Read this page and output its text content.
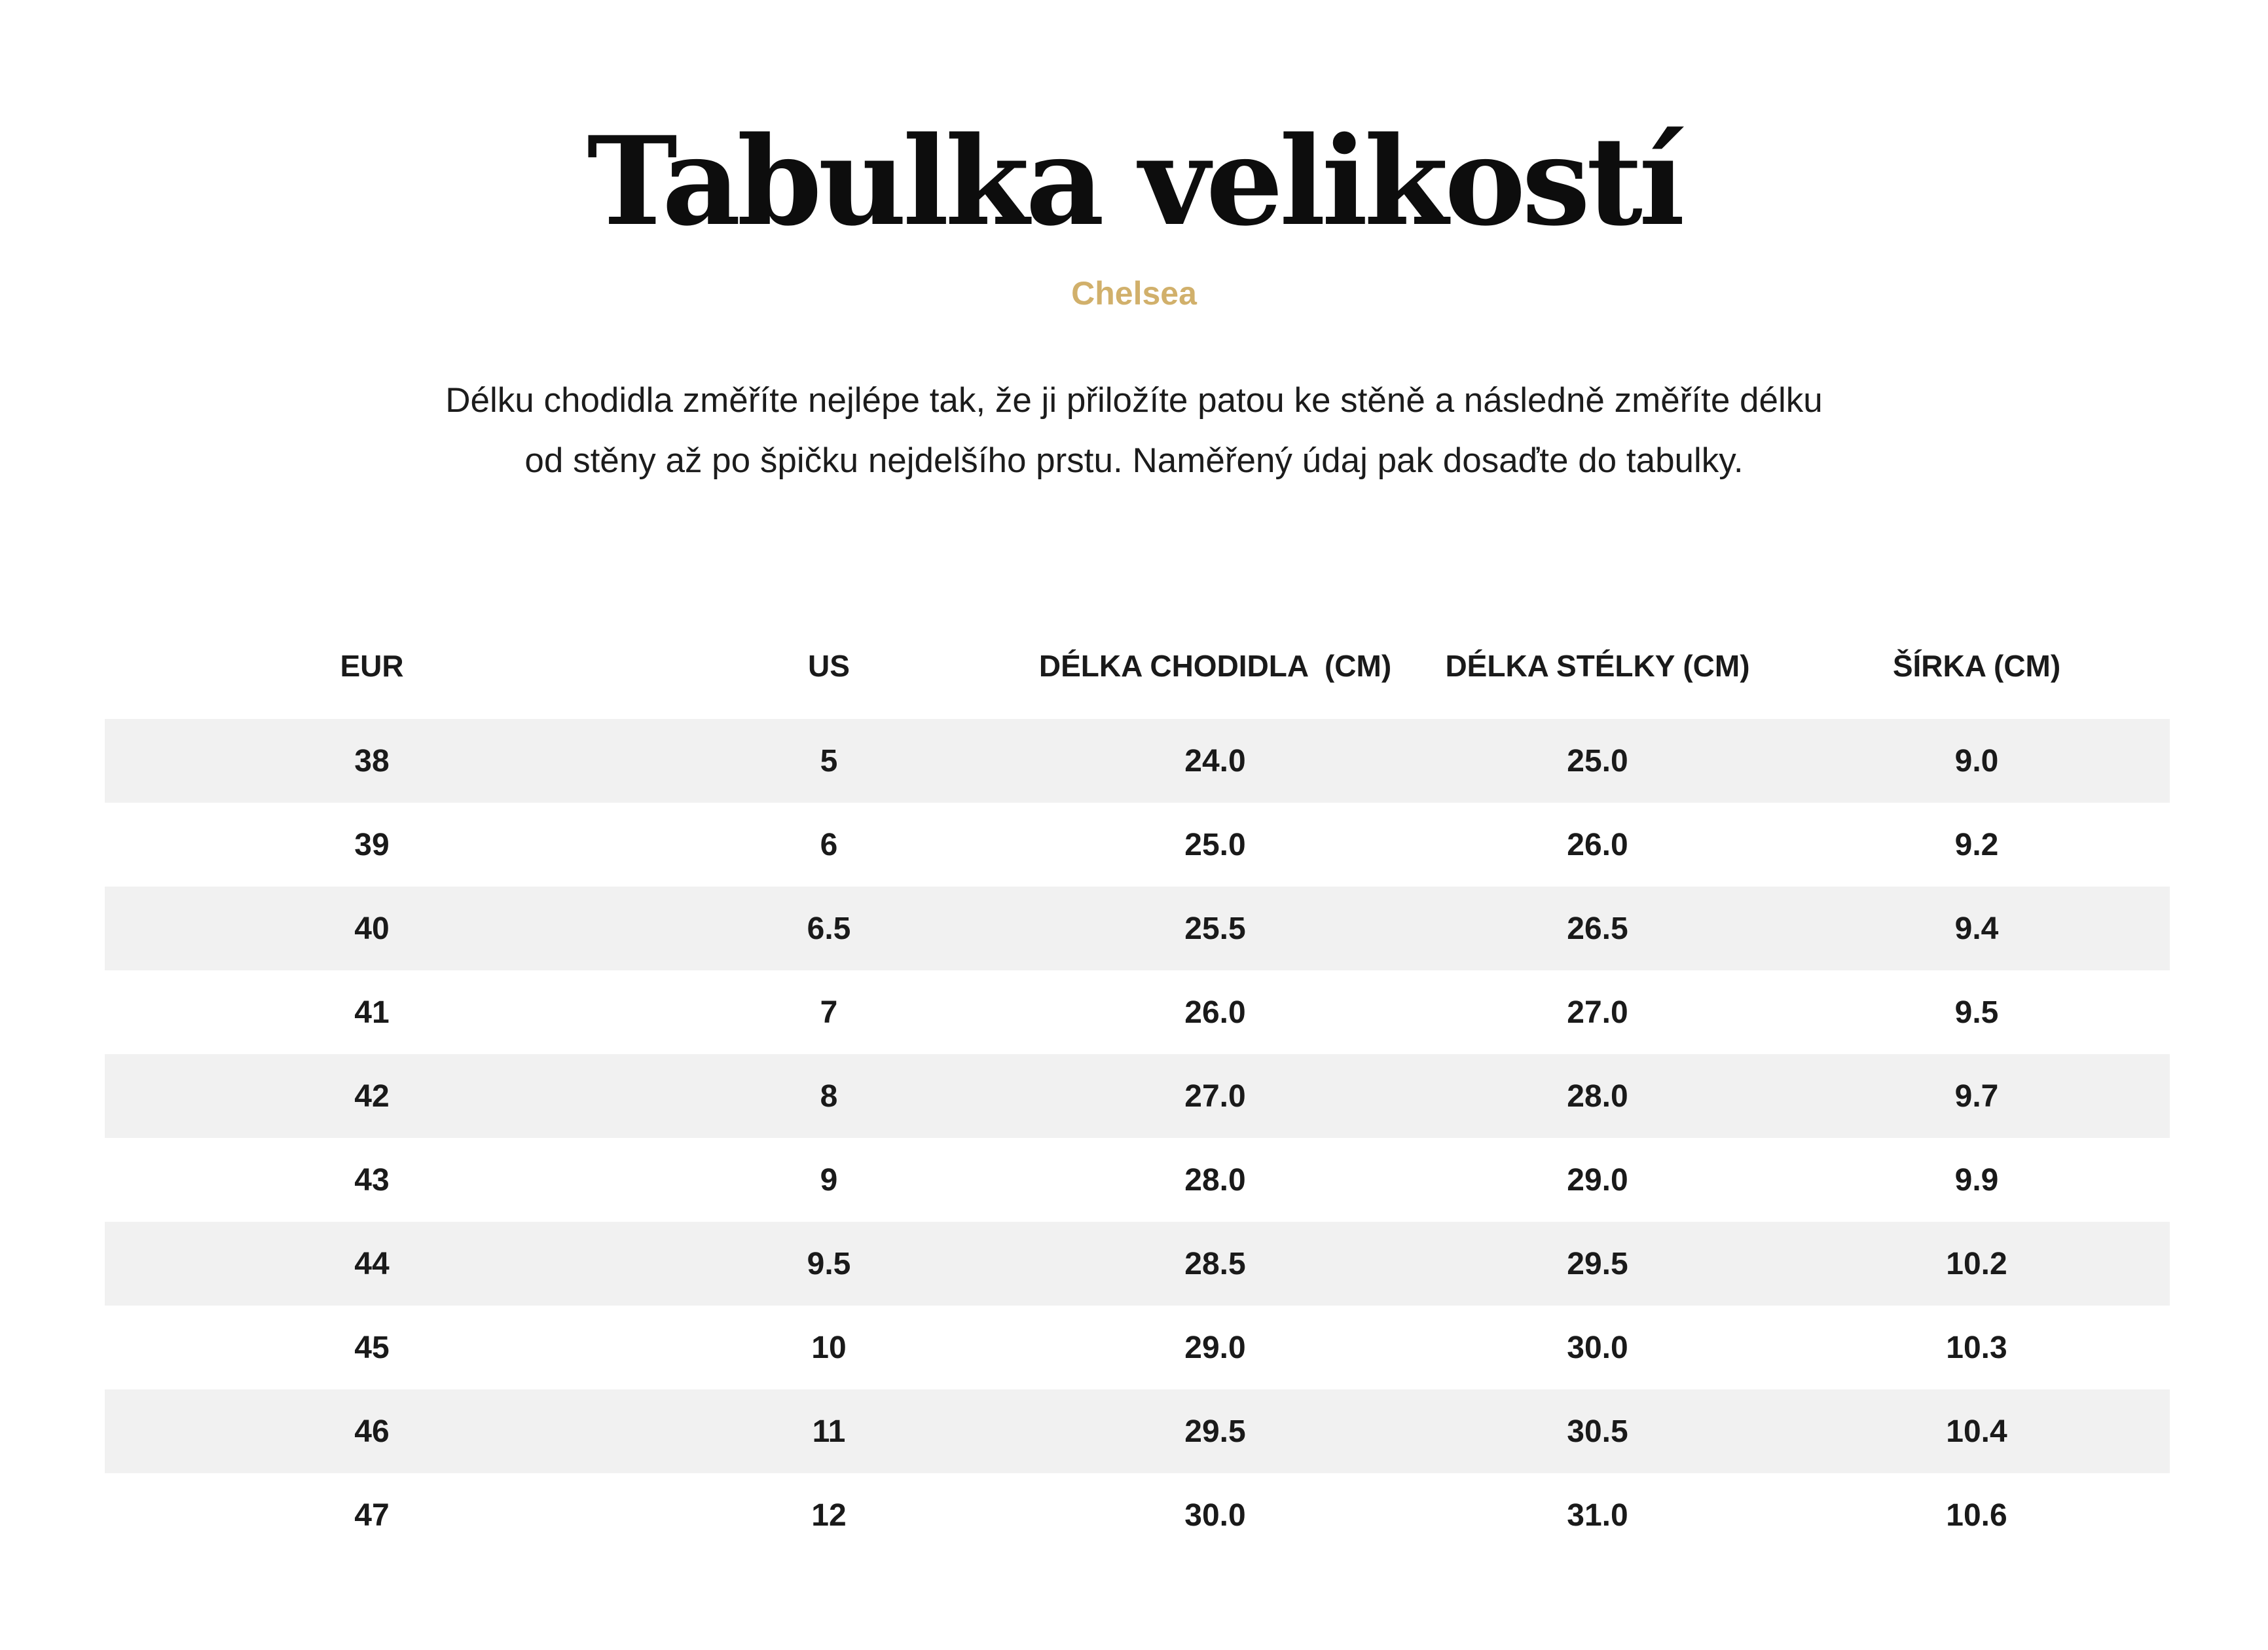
Tabulka velikostí
Chelsea
Délku chodidla změříte nejlépe tak, že ji přiložíte patou ke stěně a následně změříte délku
od stěny až po špičku nejdelšího prstu. Naměřený údaj pak dosaďte do tabulky.
EUR	US	DÉLKA CHODIDLA  (CM)	DÉLKA STÉLKY (CM)	ŠÍRKA (CM)

38	5	24.0	25.0	9.0
39	6	25.0	26.0	9.2
40	6.5	25.5	26.5	9.4
41	7	26.0	27.0	9.5
42	8	27.0	28.0	9.7
43	9	28.0	29.0	9.9
44	9.5	28.5	29.5	10.2
45	10	29.0	30.0	10.3
46	11	29.5	30.5	10.4
47	12	30.0	31.0	10.6
